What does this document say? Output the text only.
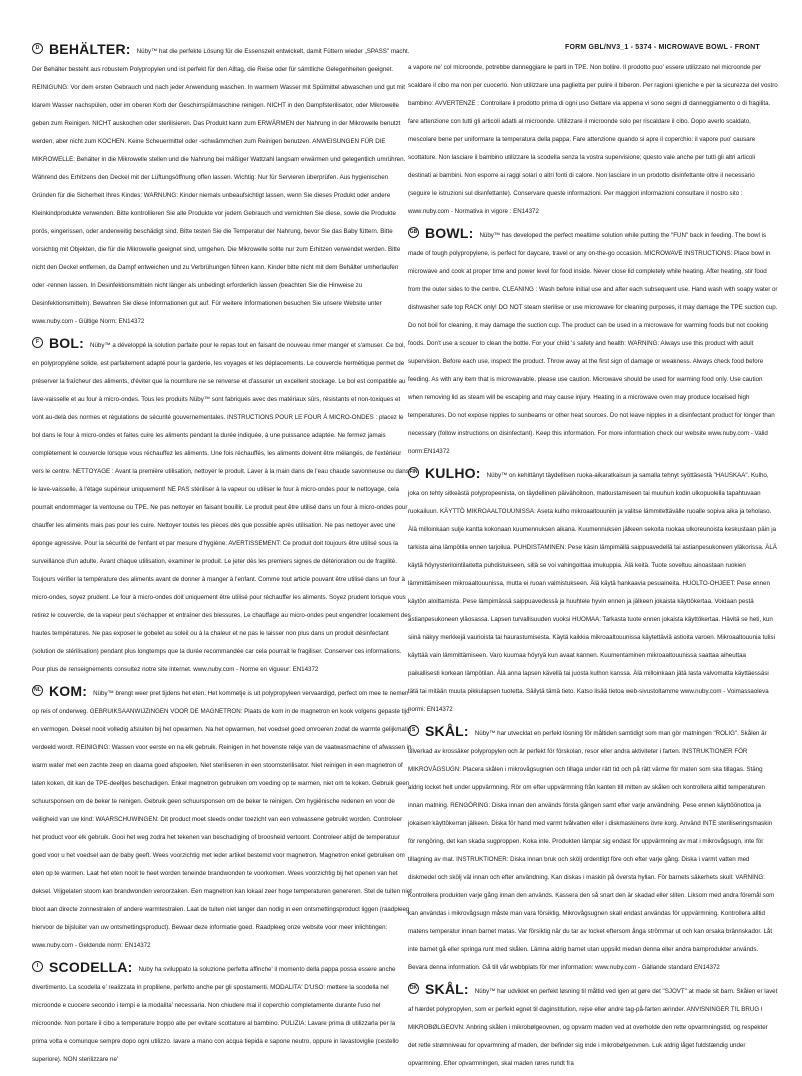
FORM GBL/NV3_1 - 5374 - MICROWAVE BOWL - FRONT
D BEHÄLTER: Nüby™ hat die perfekte Lösung für die Essenszeit entwickelt, damit Füttern wieder „SPASS" macht. Der Behälter besteht aus robustem Polypropylen und ist perfekt für den Alltag, die Reise oder für sämtliche Gelegenheiten geeignet. REINIGUNG: Vor dem ersten Gebrauch und nach jeder Anwendung waschen. In warmem Wasser mit Spülmittel abwaschen und gut mit klarem Wasser nachspülen, oder im oberen Korb der Geschirrspülmaschine reinigen. NICHT in den Dampfsterilisator, oder Mikrowelle geben zum Reinigen. NICHT auskochen oder sterilisieren. Das Produkt kann zum ERWÄRMEN der Nahrung in der Mikrowelle benutzt werden, aber nicht zum KOCHEN. Keine Scheuermittel oder -schwämmchen zum Reinigen benutzen. ANWEISUNGEN FÜR DIE MIKROWELLE: Behälter in die Mikrowelle stellen und die Nahrung bei mäßiger Wattzahl langsam erwärmen und gelegentlich umrühren. Während des Erhitzens den Deckel mit der Lüftungsöffnung offen lassen. Wichtig: Nur für Servieren überprüfen. Aus hygienischen Gründen für die Sicherheit Ihres Kindes: WARNUNG: Kinder niemals unbeaufsichtigt lassen, wenn Sie dieses Produkt oder andere Kleinkindprodukte verwenden. Bitte kontrollieren Sie alle Produkte vor jedem Gebrauch und vernichten Sie diese, sowie die Produkte porös, eingerissen, oder anderweitig beschädigt sind. Bitte testen Sie die Temperatur der Nahrung, bevor Sie das Baby füttern. Bitte vorsichtig mit Objekten, die für die Mikrowelle geeignet sind, umgehen. Die Mikrowelle sollte nur zum Erhitzen verwendet werden. Bitte nicht den Deckel entfernen, da Dampf entweichen und zu Verbrühungen führen kann. Kinder bitte nicht mit dem Behälter umherlaufen oder -rennen lassen. In Desinfektionsmitteln nicht länger als unbedingt erforderlich lassen (beachten Sie die Hinweise zu Desinfektionsmitteln). Bewahren Sie diese Informationen gut auf. Für weitere Informationen besuchen Sie unsere Website unter www.nuby.com - Gültige Norm: EN14372
F BOL: Nüby™ a développé la solution parfaite pour le repas tout en faisant de nouveau rimer manger et s'amuser. Ce bol, en polypropylène solide, est parfaitement adapté pour la garderie, les voyages et les déplacements. Le couvercle hermétique permet de préserver la fraîcheur des aliments, d'éviter que la nourriture ne se renverse et d'assurer un excellent stockage. Le bol est compatible au lave-vaisselle et au four à micro-ondes. Tous les produits Nüby™ sont fabriqués avec des matériaux sûrs, résistants et non-toxiques et vont au-delà des normes et régulations de sécurité gouvernementales. INSTRUCTIONS POUR LE FOUR À MICRO-ONDES : placez le bol dans le four à micro-ondes et faites cuire les aliments pendant la durée indiquée, à une puissance adaptée. Ne fermez jamais complètement le couvercle lorsque vous réchauffez les aliments. Une fois réchauffés, les aliments doivent être mélangés, de l'extérieur vers le centre. NETTOYAGE : Avant la première utilisation, nettoyer le produit. Laver à la main dans de l'eau chaude savonneuse ou dans le lave-vaisselle, à l'étage supérieur uniquement! NE PAS stériliser à la vapeur ou utiliser le four à micro-ondes pour le nettoyage, cela pourrait endommager la ventouse ou TPE. Ne pas nettoyer en faisant bouillir. Le produit peut être utilisé dans un four à micro-ondes pour chauffer les aliments mais pas pour les cuire. Nettoyer toutes les pièces dès que possible après utilisation. Ne pas nettoyer avec une éponge agressive. Pour la sécurité de l'enfant et par mesure d'hygiène: AVERTISSEMENT: Ce produit doit toujours être utilisé sous la surveillance d'un adulte. Avant chaque utilisation, examiner le produit. Le jeter dès les premiers signes de détérioration ou de fragilité. Toujours vérifier la température des aliments avant de donner à manger à l'enfant. Comme tout article pouvant être utilisé dans un four à micro-ondes, soyez prudent. Le four à micro-ondes doit uniquement être utilisé pour réchauffer les aliments. Soyez prudent lorsque vous retirez le couvercle, de la vapeur peut s'échapper et entraîner des blessures. Le chauffage au micro-ondes peut engendrer localement des hautes températures. Ne pas exposer le gobelet au soleil ou à la chaleur et ne pas le laisser non plus dans un produit désinfectant (solution de stérilisation) pendant plus longtemps que la durée recommandée car cela pourrait le fragiliser. Conserver ces informations. Pour plus de renseignements consultez notre site internet. www.nuby.com - Norme en vigueur: EN14372
NL KOM: Nüby™ brengt weer pret tijdens het eten. Het kommetje is uit polypropyleen vervaardigd, perfect om mee te nemen op reis of onderweg. GEBRUIKSAANWIJZINGEN VOOR DE MAGNETRON: Plaats de kom in de magnetron en kook volgens gepaste tijd en vermogen. Deksel nooit volledig afsluiten bij het opwarmen. Na het opwarmen, het voedsel goed omroeren zodat de warmte gelijkmatig verdeeld wordt. REINIGING: Wassen voor eerste en na elk gebruik. Reinigen in het bovenste rekje van de vaatwasmachine of afwassen in warm water met een zachte zeep en daarna goed afspoelen. Niet steriliseren in een stoomsterilisator. Niet reinigen in een magnetron of laten koken, dit kan de TPE-deeltjes beschadigen. Enkel magnetron gebruiken om voeding op te warmen, niet om te koken. Gebruik geen schuursponsen om de beker te reinigen. Gebruik geen schuursponsen om de beker te reinigen. Om hygiënische redenen en voor de veiligheid van uw kind: WAARSCHUWINGEN: Dit product moet steeds onder toezicht van een volwassene gebruikt worden. Controleer het product voor elk gebruik. Gooi het weg zodra het tekenen van beschadiging of broosheid vertoont. Controleer altijd de temperatuur goed voor u het voedsel aan de baby geeft. Wees voorzichtig met ieder artikel bestemd voor magnetron. Magnetron enkel gebruiken om eten op te warmen. Laat het eten nooit te heet worden teneinde brandwonden te voorkomen. Wees voorzichtig bij het openen van het deksel. Vrijgelaten stoom kan brandwonden veroorzaken. Een magnetron kan lokaal zeer hoge temperaturen genereren. Stel de tuiten niet bloot aan directe zonnestralen of andere warmtestralen. Laat de tuiten niet langer dan nodig in een ontsmettingsproduct liggen (raadpleeg hiervoor de bijsluiter van uw ontsmettingsproduct). Bewaar deze informatie goed. Raadpleeg onze website voor meer inlichtingen: www.nuby.com - Geldende norm: EN14372
I SCODELLA: Nuby ha sviluppato la soluzione perfetta affinche' il momento della pappa possa essere anche divertimento. La scodella e' realizzata in proplilene, perfetto anche per gli spostamenti. MODALITA' D'USO: mettere la scodella nel microonde e cuocere secondo i tempi e la modalita' necessaria. Non chiudere mai il coperchio completamente durante l'uso nel microonde. Non portare il cibo a temperature troppo alte per evitare scottature al bambino. PULIZIA: Lavare prima di utilizzarla per la prima volta e comunque sempre dopo ogni utilizzo. lavare a mano con acqua tiepida e sapone neutro, oppure in lavastoviglie (cestello superiore). NON sterilizzare ne'
a vapore ne' col microonde, potrebbe danneggiare le parti in TPE. Non bollire. Il prodotto puo' essere utilizzato nel microonde per scaldare il cibo ma non per cuocerlo. Non utilizzare una paglietta per pulire il biberon. Per ragioni igieniche e per la sicurezza del vostro bambino: AVVERTENZE : Controllare il prodotto prima di ogni uso Gettare via appena vi sono segni di danneggiamento o di fragilita. fare attenzione con tutti gli articoli adatti al microonde. Utilizzare il microonde solo per riscaldare il cibo. Dopo averlo scaldato, mescolare bene per uniformare la temperatura della pappa. Fare attenzione quando si apre il coperchio: il vapore puo' causare scottature. Non lasciare il bambino utilizzare la scodella senza la vostra supervisione; questo vale anche per tutti gli altri articoli destinati ai bambini. Non esporre ai raggi solari o altri fonti di calore. Non lasciare in un prodotto disinfettante oltre il necessario (seguire le istruzioni sul disinfettante). Conservare queste informazioni. Per maggiori informazioni consultare il nostro sito : www.nuby.com - Normativa in vigore : EN14372
GB BOWL: Nüby™ has developed the perfect mealtime solution while putting the "FUN" back in feeding. The bowl is made of tough polypropylene, is perfect for daycare, travel or any on-the-go occasion. MICROWAVE INSTRUCTIONS: Place bowl in microwave and cook at proper time and power level for food inside. Never close lid completely while heating. After heating, stir food from the outer sides to the centre. CLEANING : Wash before initial use and after each subsequent use. Hand wash with soapy water or dishwasher safe top RACK only! DO NOT steam sterilise or use microwave for cleaning purposes, it may damage the TPE suction cup. Do not boil for cleaning, it may damage the suction cup. The product can be used in a microwave for warming foods but not cooking foods. Don't use a scouer to clean the bottle. For your child 's safety and health: WARNING: Always use this product with adult supervision. Before each use, inspect the product. Throw away at the first sign of damage or weakness. Always check food before feeding. As with any item that is microwavable, please use caution. Microwave should be used for warming food only. Use caution when removing lid as steam will be escaping and may cause injury. Heating in a microwave oven may produce localised high temperatures. Do not expose nipples to sunbeams or other heat sources. Do not leave nipples in a disinfectant product for longer than necessary (follow instructions on disinfectant). Keep this information. For more information check our website www.nuby.com - Valid norm:EN14372
FIN KULHO: Nüby™ on kehittänyt täydellisen ruoka-aikaratkaisun ja samalla tehnyt syöttäsestä "HAUSKAA". Kulho, joka on tehty sitkeästä polypropeenista, on täydellinen päivähoitoon, matkustamiseen tai muuhun kodin ulkopuolella tapahtuvaan ruokailuun. KÄYTTÖ MIKROAALTOUUNISSA: Aseta kulho mikroaaltouuniin ja valitse lämmitettävälle ruoalle sopiva aika ja teholaso. Älä milloinkaan sulje kantta kokonaan kuumennuksen aikana. Kuumennuksen jälkeen sekoita ruokaa ulkoreunoista keskustaan päin ja tarkista aina lämpötila ennen tarjoilua. PUHDISTAMINEN: Pese käsin lämpimällä saippuavedellä tai astianpesukoneen yläkorissa. ÄLÄ käytä höyrysterilointilaitetta puhdistukseen, sillä se voi vahingoittaa imukuppia. Älä keitä. Tuote soveltuu ainoastaan ruokien lämmittämiseen mikroaaltouunissa, mutta ei ruoan valmistukseen. Älä käytä hankaavia pesuaineita. HUOLTO-OHJEET: Pese ennen käytön aloittamista. Pese lämpimässä saippuavedessä ja huuhtele hyvin ennen ja jälkeen jokaista käyttökertaa. Voidaan pestä astianpesukoneen yläosassa. Lapsen turvallisuuden vuoksi HUOMAA: Tarkasta tuote ennen jokaista käyttökertaa. Hävitä se heti, kun siinä näkyy merkkejä vaurioista tai haurastumisesta. Käytä kaikkia mikroaaltouunissa käytettäviä astioita varoen. Mikroaaltouunia tulisi käyttää vain lämmittämiseen. Varo kuumaa höyryä kun avaat kannen. Kuumentaminen mikroaaltouunissa saattaa aiheuttaa paikallisesti korkean lämpötilan. Älä anna lapsen kävellä tai juosta kulhon kanssa. Älä milloinkaan jätä lasta valvomatta käyttäessäsi tätä tai mitään muuta pikkulapsen tuotetta. Säilytä tämä tieto. Katso lisää tietoa web-sivustoltamme www.nuby.com - Voimassaoleva normi: EN14372
S SKÅL: Nüby™ har utvecklat en perfekt lösning för måltiden samtidigt som man gör matningen "ROLIG". Skålen är tillverkad av krossäker polypropylen och är perfekt för förskolan, resor eller andra aktiviteter i farten. INSTRUKTIONER FÖR MIKROVÅGSUGN: Placera skålen i mikrovågsugnen och tillaga under rätt tid och på rätt värme för maten som ska tillagas. Stäng aldrig locket helt under uppvärmning. Rör om efter uppvärmning från kanten till mitten av skålen och kontrollera alltid temperaturen innan matning. RENGÖRING: Diska innan den används första gången samt efter varje användning. Pese ennen käyttöönottoa ja jokaisen käyttökerran jälkeen. Diska för hand med varmt tvålvatten eller i diskmaskinens övre korg. Använd INTE steriliseringsmaskin för rengöring, det kan skada sugproppen. Koka inte. Produkten lämpar sig endast för uppvärmning av mat i mikrovågsugn, inte för tillagning av mat. INSTRUKTIONER: Diska innan bruk och skölj ordentligt före och efter varje gång. Diska i varmt vatten med diskmedel och skölj väl innan och efter användning. Kan diskas i maskin på översta hyllan. För barnets säkerhets skull: VARNING: Kontrollera produkten varje gång innan den används. Kassera den så snart den är skadad eller sliten. Liksom med andra föremål som kan användas i mikrovågsugn måste man vara försiktig. Mikrovågsugnen skall endast användas för uppvärmning. Kontrollera alltid matens temperatur innan barnet matas. Var försiktig när du tar av locket eftersom ånga strömmar ut och kan orsaka brännskador. Låt inte barnet gå eller springa runt med skålen. Lämna aldrig barnet utan uppsikt medan denna eller andra barnprodukter används. Bevara denna information. Gå till vår webbplats för mer information: www.nuby.com - Gällande standard EN14372
DK SKÅL: Nûby™ har udviklet en perfekt løsning til måltid ved igen at gøre det "SJOVT" at made sit barn. Skålen er lavet af hærdet polypropylen, som er perfekt egnet til daginstitution, rejse eller andre tag-på-farten ærinder. ANVISNINGER TIL BRUG I MIKROBØLGEOVN: Anbring skålen i mikrobølgeovnen, og opvarm maden ved at overholde den rette opvarmningstid, og respekter det rette strømniveau for opvarmning af maden, der befinder sig inde i mikrobølgeovnen. Luk aldrig låget fuldstændig under opvarmning. Efter opvarmningen, skal maden røres rundt fra
